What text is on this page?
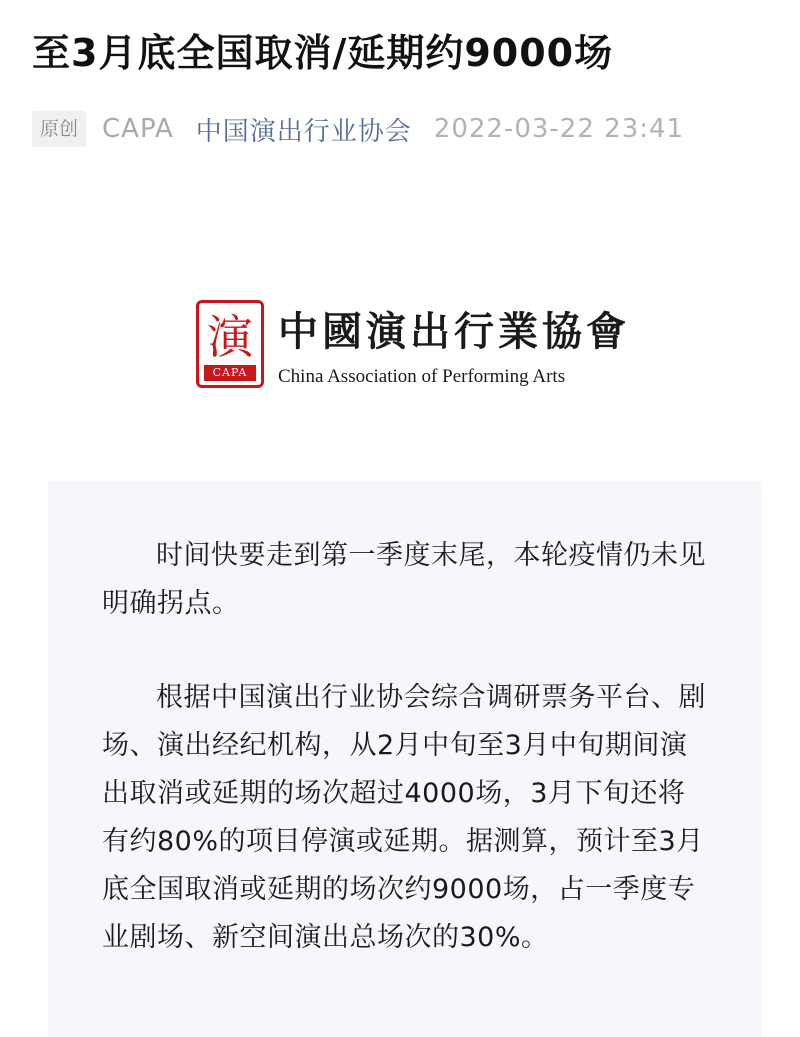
至3月底全国取消/延期约9000场
原创 CAPA 中国演出行业协会 2022-03-22 23:41
演
CAPA
中國演出行業協會
China Association of Performing Arts

时间快要走到第一季度末尾，本轮疫情仍未见明确拐点。

根据中国演出行业协会综合调研票务平台、剧场、演出经纪机构，从2月中旬至3月中旬期间演出取消或延期的场次超过4000场，3月下旬还将有约80%的项目停演或延期。据测算，预计至3月底全国取消或延期的场次约9000场，占一季度专业剧场、新空间演出总场次的30%。
